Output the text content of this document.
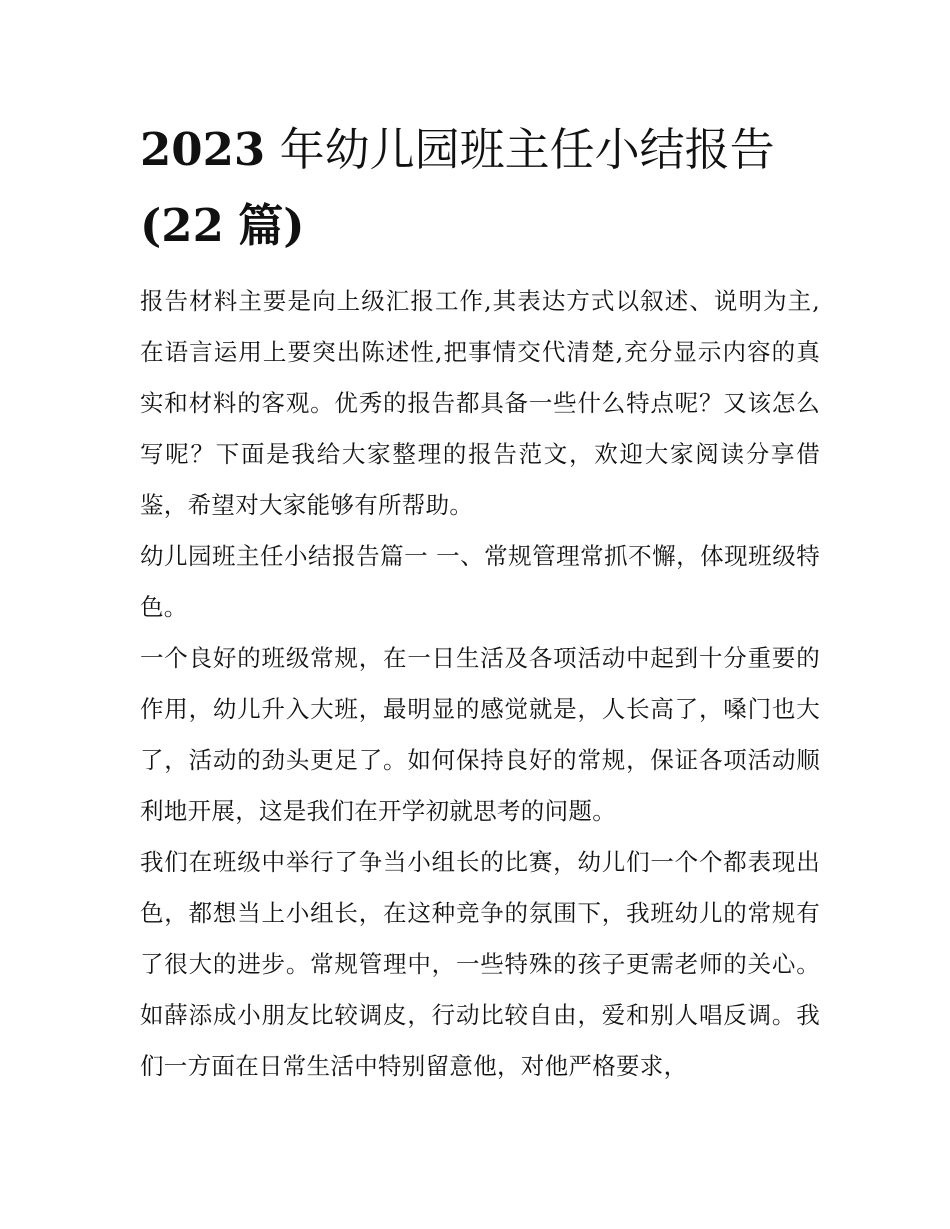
2023 年幼儿园班主任小结报告
(22 篇)

报告材料主要是向上级汇报工作,其表达方式以叙述、说明为主,在语言运用上要突出陈述性,把事情交代清楚,充分显示内容的真实和材料的客观。优秀的报告都具备一些什么特点呢？又该怎么写呢？下面是我给大家整理的报告范文，欢迎大家阅读分享借鉴，希望对大家能够有所帮助。

幼儿园班主任小结报告篇一 一、常规管理常抓不懈，体现班级特色。

一个良好的班级常规，在一日生活及各项活动中起到十分重要的作用，幼儿升入大班，最明显的感觉就是，人长高了，嗓门也大了，活动的劲头更足了。如何保持良好的常规，保证各项活动顺利地开展，这是我们在开学初就思考的问题。

我们在班级中举行了争当小组长的比赛，幼儿们一个个都表现出色，都想当上小组长，在这种竞争的氛围下，我班幼儿的常规有了很大的进步。常规管理中，一些特殊的孩子更需老师的关心。如薛添成小朋友比较调皮，行动比较自由，爱和别人唱反调。我们一方面在日常生活中特别留意他，对他严格要求，
